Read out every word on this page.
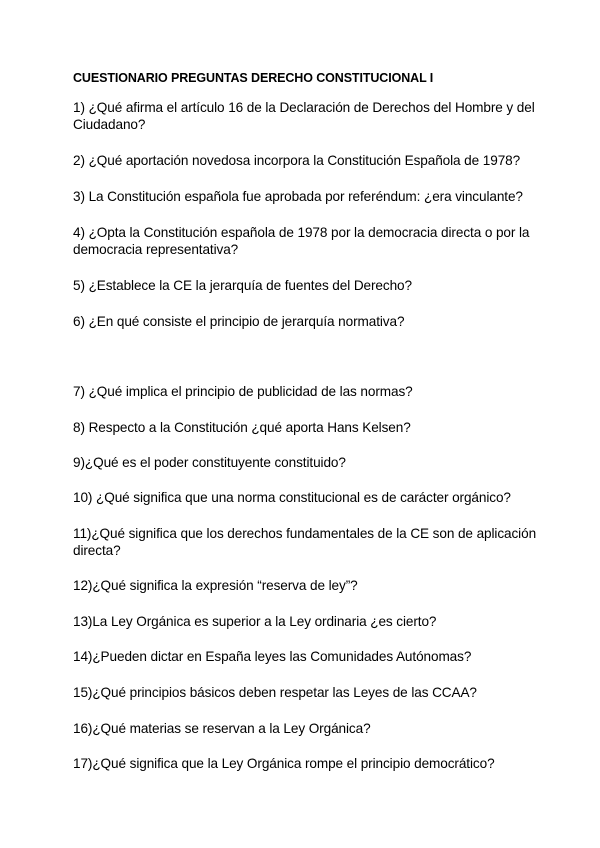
CUESTIONARIO PREGUNTAS DERECHO CONSTITUCIONAL I
1) ¿Qué afirma el artículo 16 de la Declaración de Derechos del Hombre y del Ciudadano?
2) ¿Qué aportación novedosa incorpora la Constitución Española de 1978?
3) La Constitución española fue aprobada por referéndum: ¿era vinculante?
4) ¿Opta la Constitución española de 1978 por la democracia directa o por la democracia representativa?
5) ¿Establece la CE la jerarquía de fuentes del Derecho?
6) ¿En qué consiste el principio de jerarquía normativa?
7) ¿Qué implica el principio de publicidad de las normas?
8) Respecto a la Constitución ¿qué aporta Hans Kelsen?
9)¿Qué es el poder constituyente constituido?
10) ¿Qué significa que una norma constitucional es de carácter orgánico?
11)¿Qué significa que los derechos fundamentales de la CE son de aplicación directa?
12)¿Qué significa la expresión “reserva de ley”?
13)La Ley Orgánica es superior a la Ley ordinaria ¿es cierto?
14)¿Pueden dictar en España leyes las Comunidades Autónomas?
15)¿Qué principios básicos deben respetar las Leyes de las CCAA?
16)¿Qué materias se reservan a la Ley Orgánica?
17)¿Qué significa que la Ley Orgánica rompe el principio democrático?
